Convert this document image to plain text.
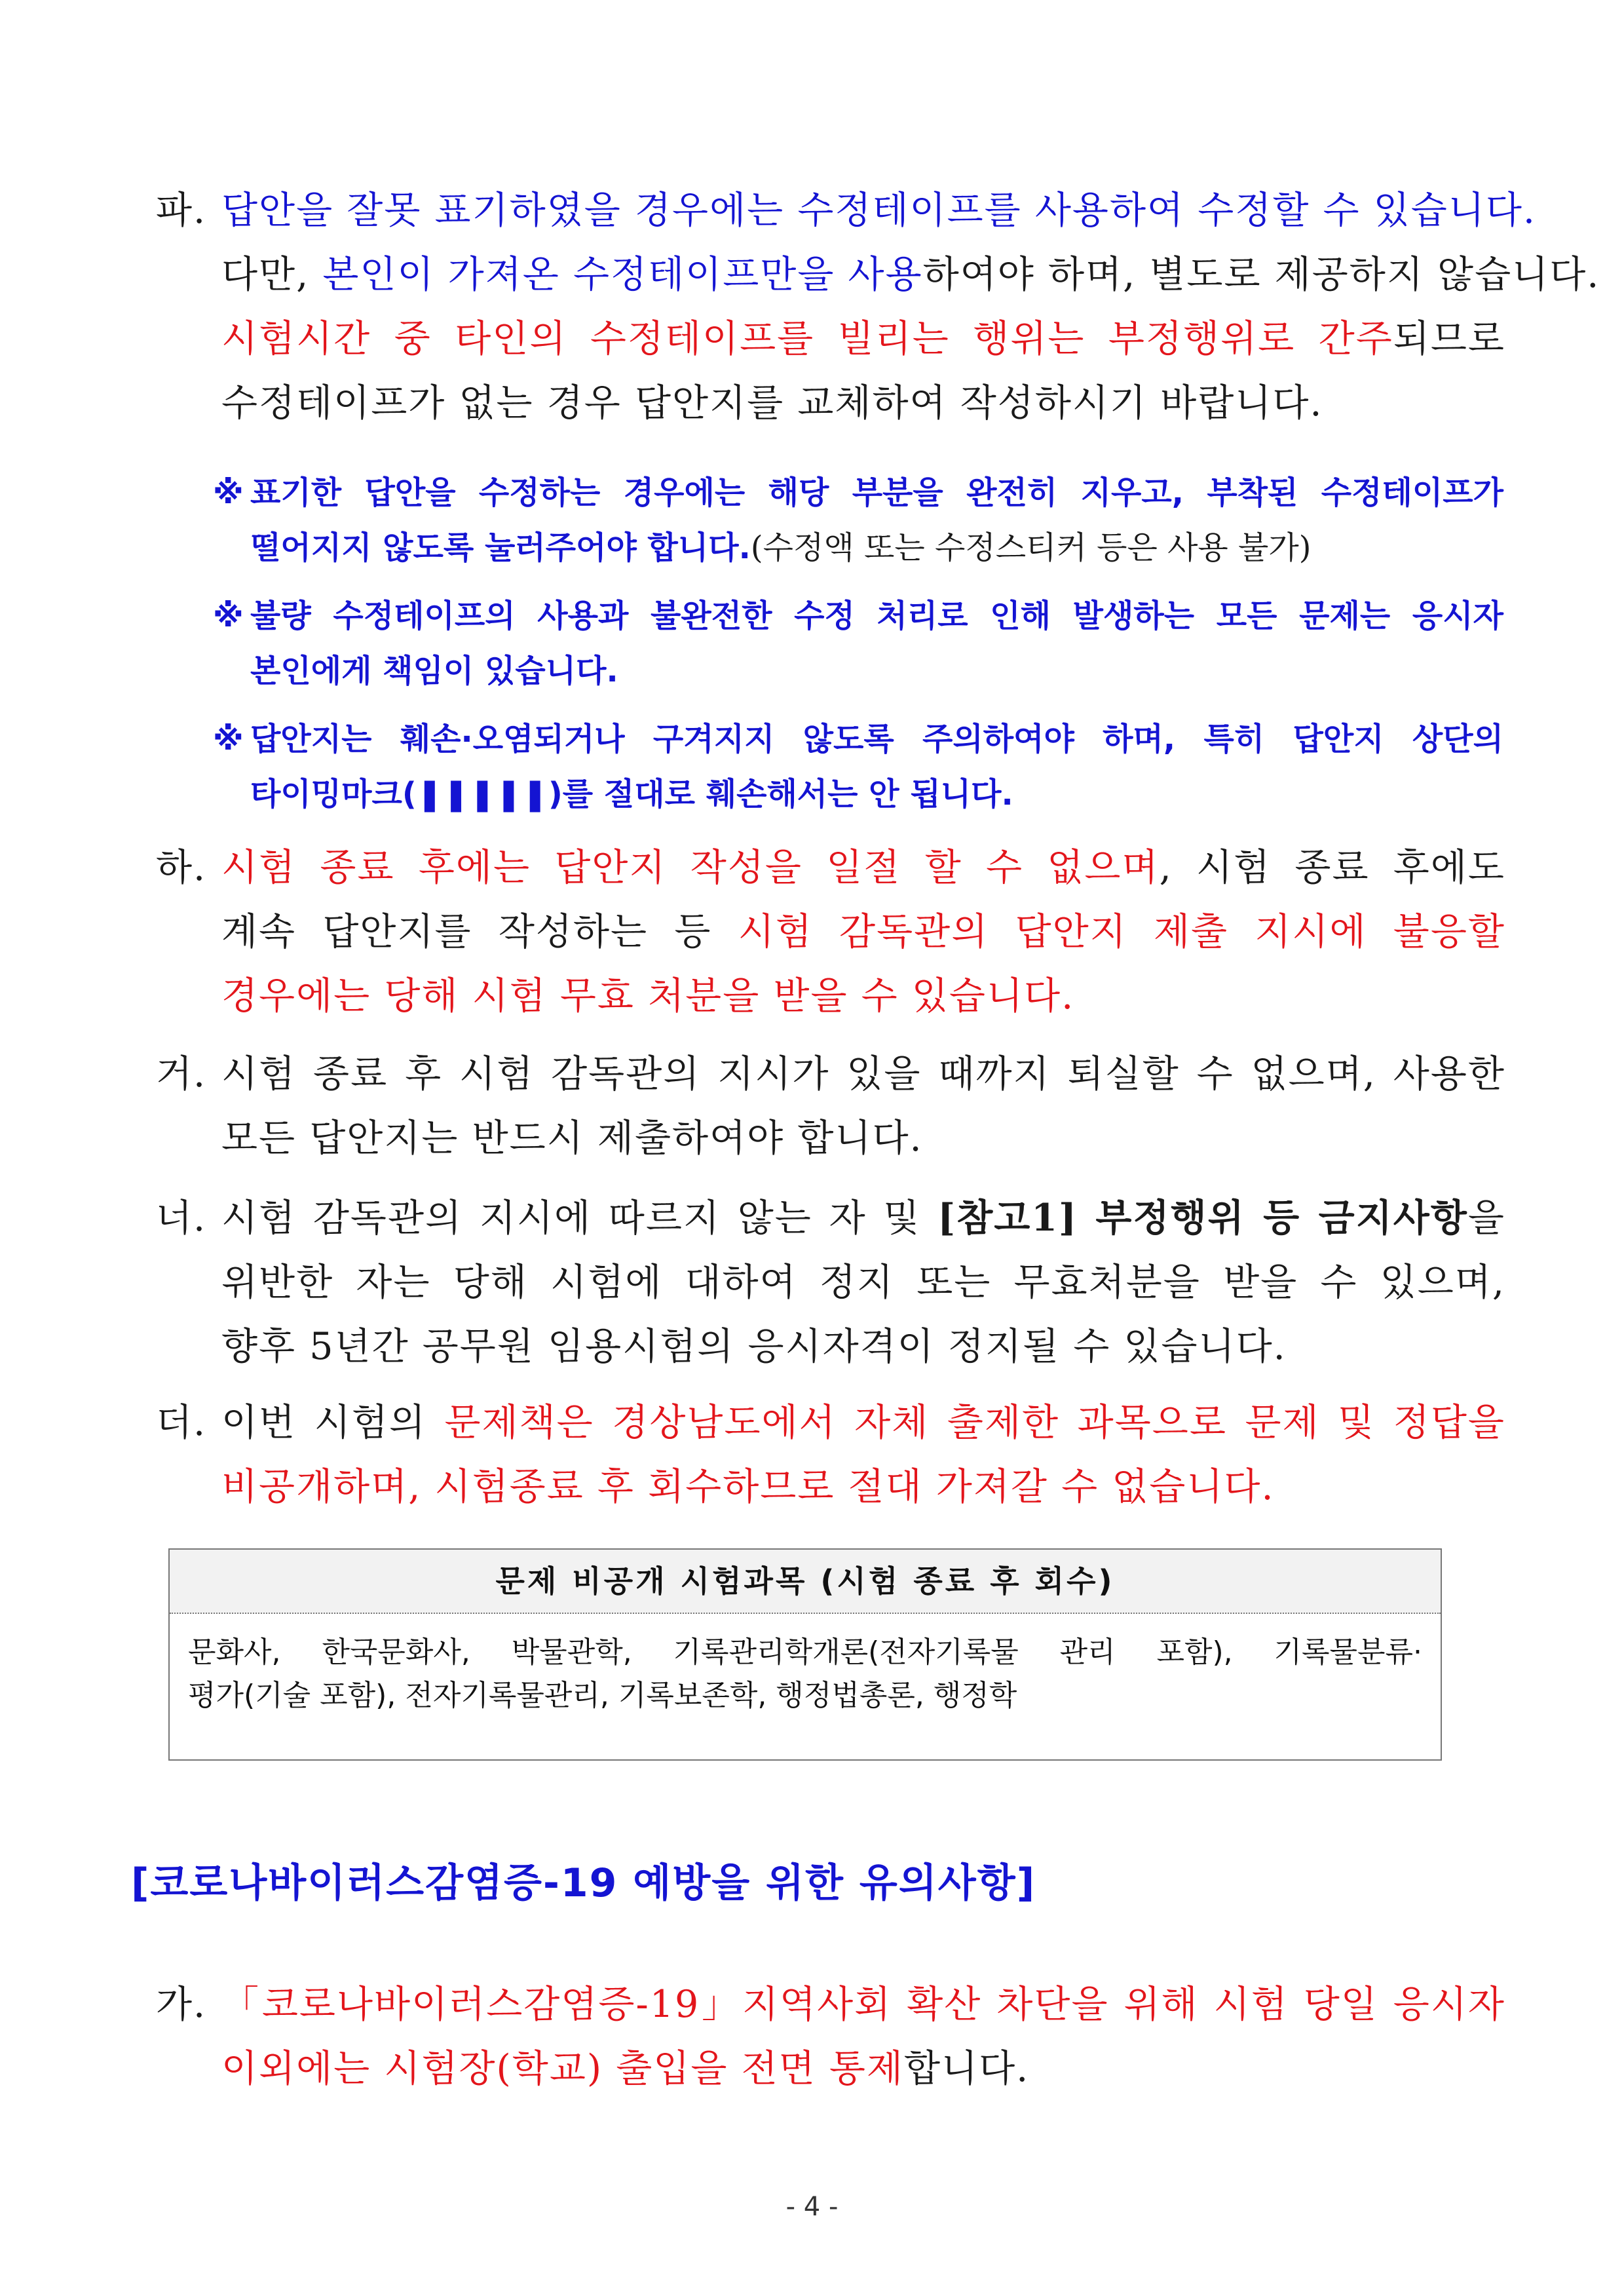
파. 답안을 잘못 표기하였을 경우에는 수정테이프를 사용하여 수정할 수 있습니다.
다만, 본인이 가져온 수정테이프만을 사용하여야 하며, 별도로 제공하지 않습니다.
시험시간 중 타인의 수정테이프를 빌리는 행위는 부정행위로 간주되므로
수정테이프가 없는 경우 답안지를 교체하여 작성하시기 바랍니다.
※ 표기한 답안을 수정하는 경우에는 해당 부분을 완전히 지우고, 부착된 수정테이프가
떨어지지 않도록 눌러주어야 합니다.(수정액 또는 수정스티커 등은 사용 불가)
※ 불량 수정테이프의 사용과 불완전한 수정 처리로 인해 발생하는 모든 문제는 응시자
본인에게 책임이 있습니다.
※ 답안지는 훼손·오염되거나 구겨지지 않도록 주의하여야 하며, 특히 답안지 상단의
타이밍마크(❚❚❚❚❚)를 절대로 훼손해서는 안 됩니다.
하. 시험 종료 후에는 답안지 작성을 일절 할 수 없으며, 시험 종료 후에도
계속 답안지를 작성하는 등 시험 감독관의 답안지 제출 지시에 불응할
경우에는 당해 시험 무효 처분을 받을 수 있습니다.
거. 시험 종료 후 시험 감독관의 지시가 있을 때까지 퇴실할 수 없으며, 사용한
모든 답안지는 반드시 제출하여야 합니다.
너. 시험 감독관의 지시에 따르지 않는 자 및 [참고1] 부정행위 등 금지사항을
위반한 자는 당해 시험에 대하여 정지 또는 무효처분을 받을 수 있으며,
향후 5년간 공무원 임용시험의 응시자격이 정지될 수 있습니다.
더. 이번 시험의 문제책은 경상남도에서 자체 출제한 과목으로 문제 및 정답을
비공개하며, 시험종료 후 회수하므로 절대 가져갈 수 없습니다.
문제 비공개 시험과목 (시험 종료 후 회수)
문화사, 한국문화사, 박물관학, 기록관리학개론(전자기록물 관리 포함), 기록물분류·
평가(기술 포함), 전자기록물관리, 기록보존학, 행정법총론, 행정학
[코로나바이러스감염증-19 예방을 위한 유의사항]
가. 「코로나바이러스감염증-19」지역사회 확산 차단을 위해 시험 당일 응시자
이외에는 시험장(학교) 출입을 전면 통제합니다.
- 4 -
